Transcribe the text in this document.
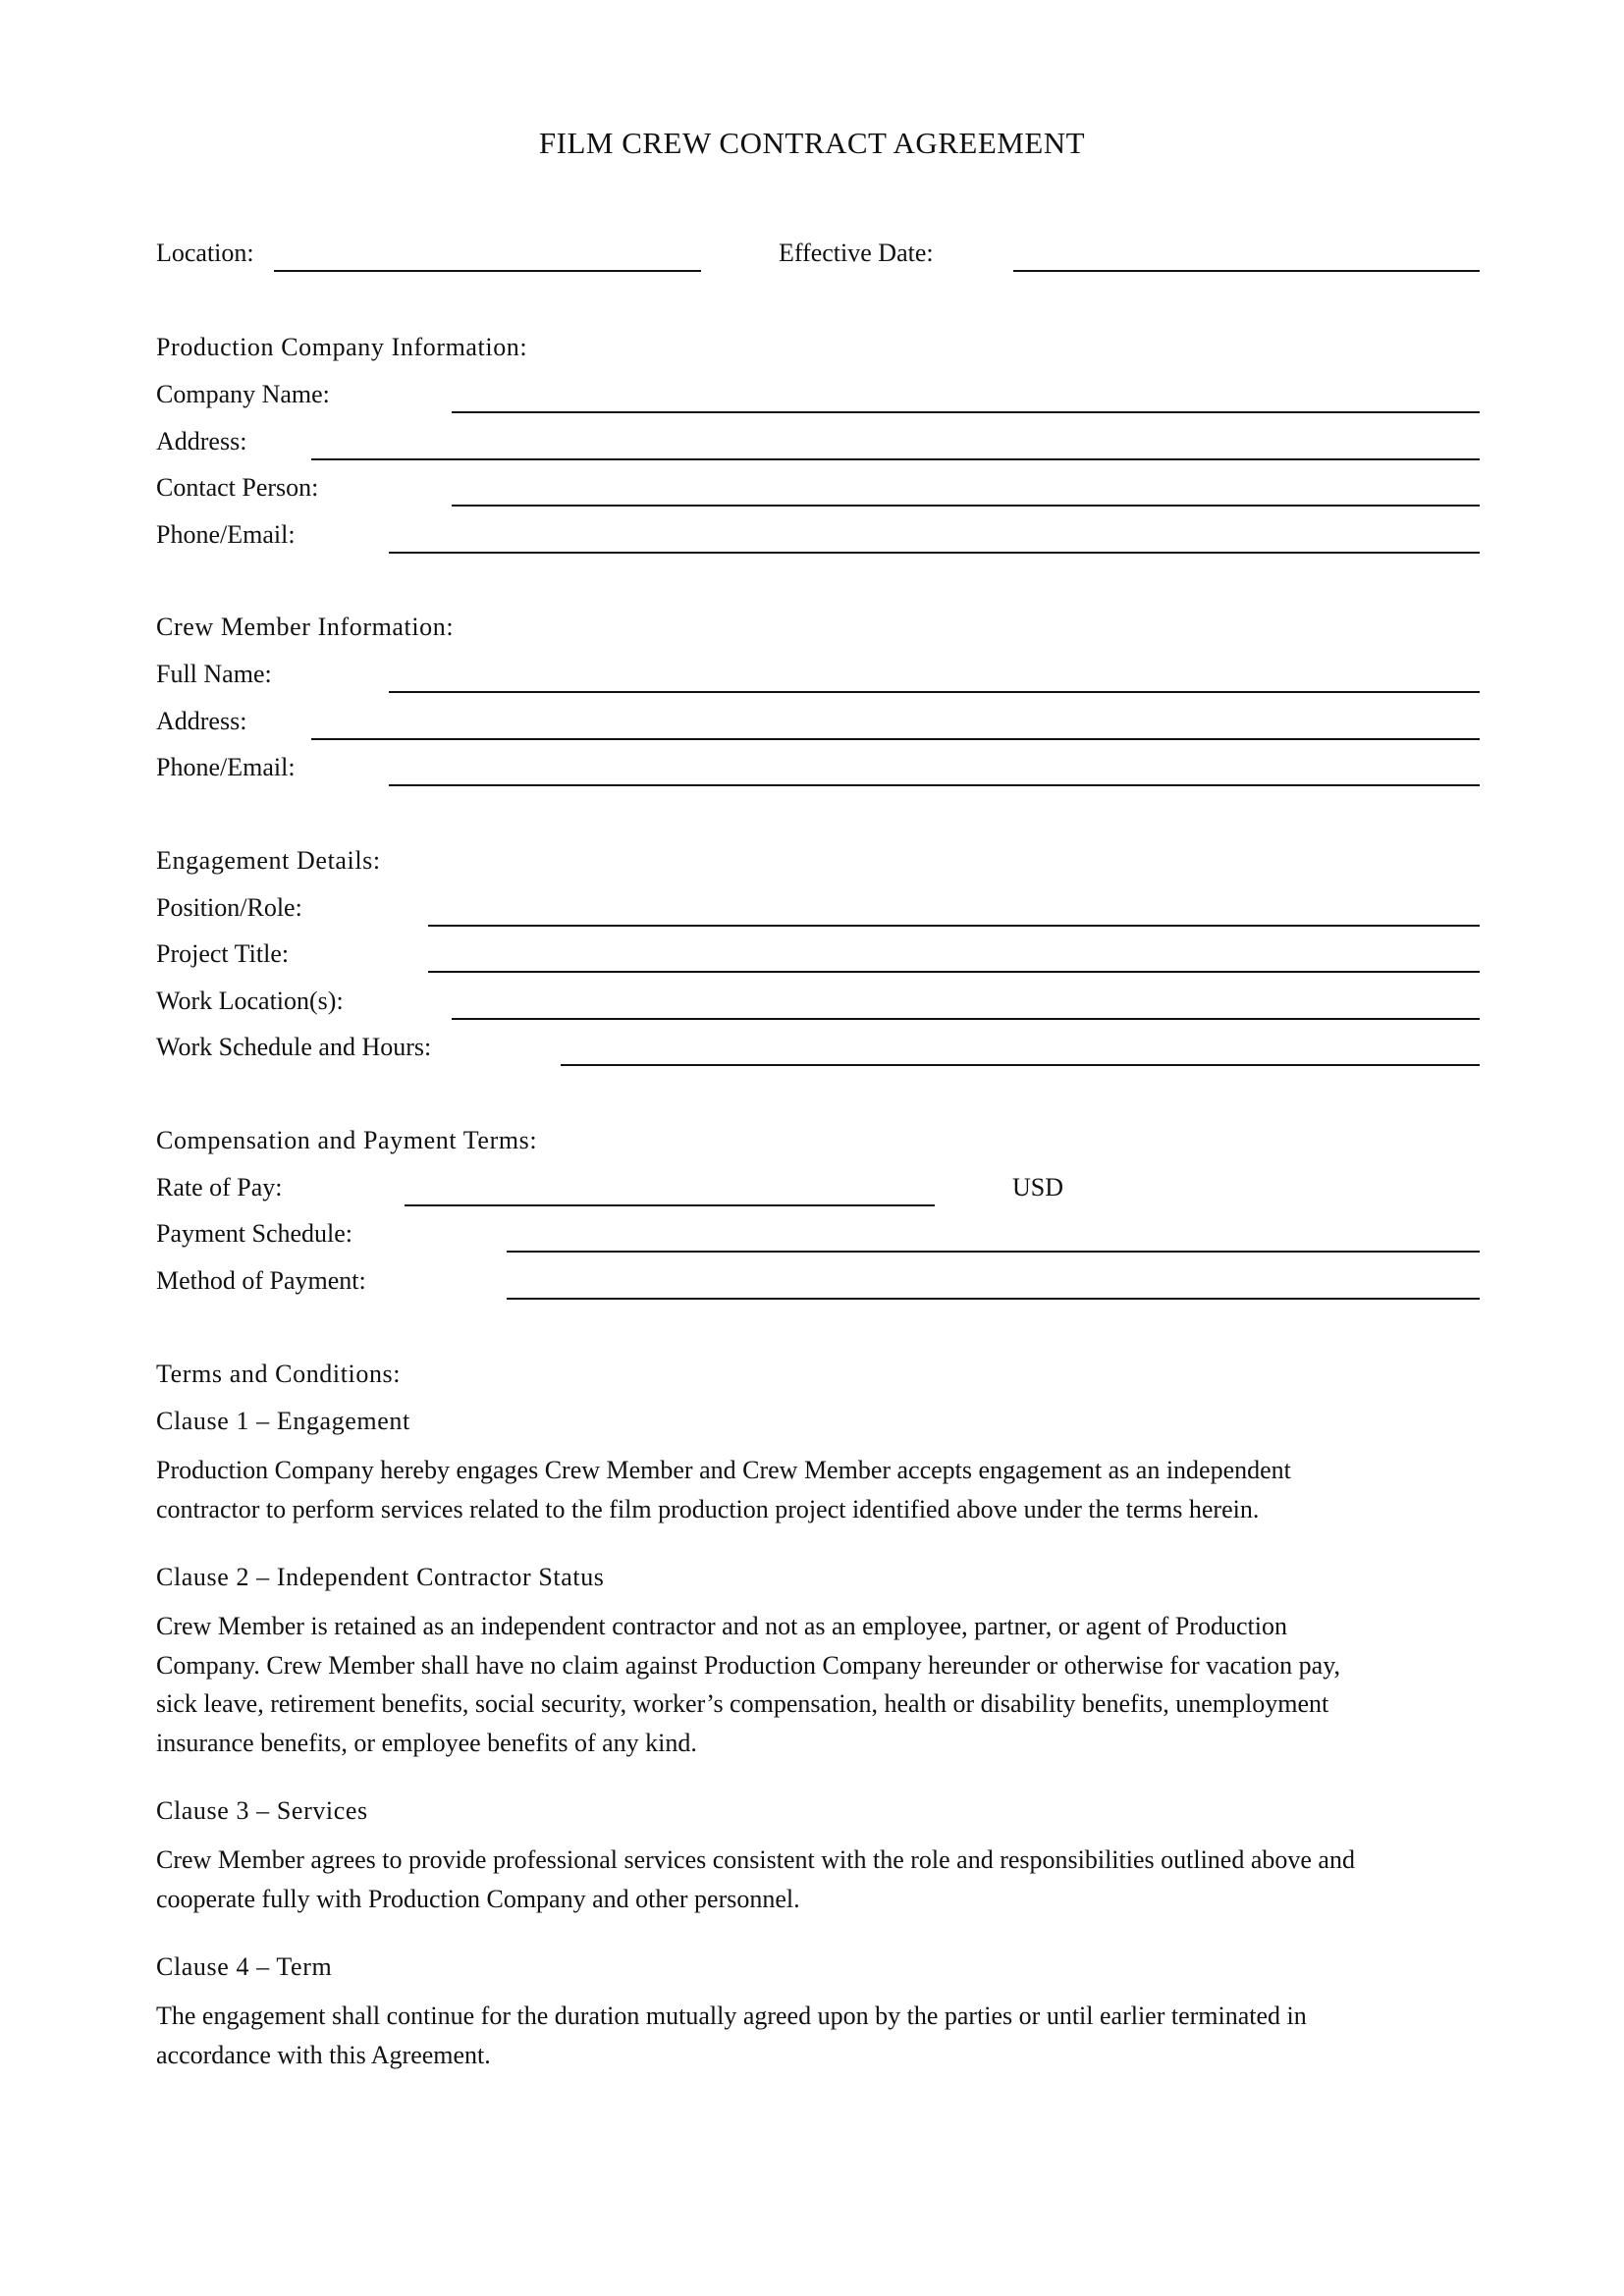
FILM CREW CONTRACT AGREEMENT
Location:	Effective Date:
Production Company Information:
Company Name:
Address:
Contact Person:
Phone/Email:
Crew Member Information:
Full Name:
Address:
Phone/Email:
Engagement Details:
Position/Role:
Project Title:
Work Location(s):
Work Schedule and Hours:
Compensation and Payment Terms:
Rate of Pay:	USD
Payment Schedule:
Method of Payment:
Terms and Conditions:
Clause 1 – Engagement
Production Company hereby engages Crew Member and Crew Member accepts engagement as an independent
contractor to perform services related to the film production project identified above under the terms herein.
Clause 2 – Independent Contractor Status
Crew Member is retained as an independent contractor and not as an employee, partner, or agent of Production
Company. Crew Member shall have no claim against Production Company hereunder or otherwise for vacation pay,
sick leave, retirement benefits, social security, worker’s compensation, health or disability benefits, unemployment
insurance benefits, or employee benefits of any kind.
Clause 3 – Services
Crew Member agrees to provide professional services consistent with the role and responsibilities outlined above and
cooperate fully with Production Company and other personnel.
Clause 4 – Term
The engagement shall continue for the duration mutually agreed upon by the parties or until earlier terminated in
accordance with this Agreement.
